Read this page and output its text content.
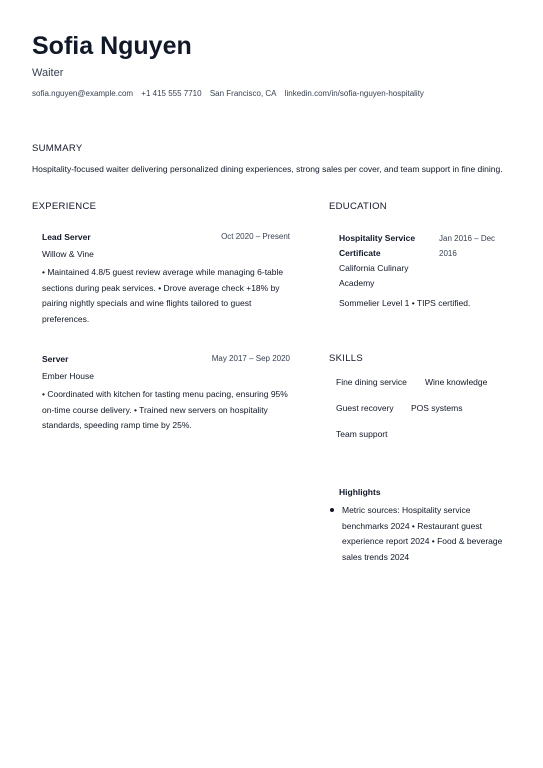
Sofia Nguyen
Waiter
sofia.nguyen@example.com +1 415 555 7710 San Francisco, CA linkedin.com/in/sofia-nguyen-hospitality
SUMMARY
Hospitality-focused waiter delivering personalized dining experiences, strong sales per cover, and team support in fine dining.
EXPERIENCE
Lead Server	Oct 2020 – Present
Willow & Vine
• Maintained 4.8/5 guest review average while managing 6-table sections during peak services. • Drove average check +18% by pairing nightly specials and wine flights tailored to guest preferences.
Server	May 2017 – Sep 2020
Ember House
• Coordinated with kitchen for tasting menu pacing, ensuring 95% on-time course delivery. • Trained new servers on hospitality standards, speeding ramp time by 25%.
EDUCATION
Hospitality Service Certificate
Jan 2016 – Dec 2016
California Culinary Academy
Sommelier Level 1 • TIPS certified.
SKILLS
Fine dining service Wine knowledge
Guest recovery POS systems
Team support
Highlights
Metric sources: Hospitality service benchmarks 2024 • Restaurant guest experience report 2024 • Food & beverage sales trends 2024
